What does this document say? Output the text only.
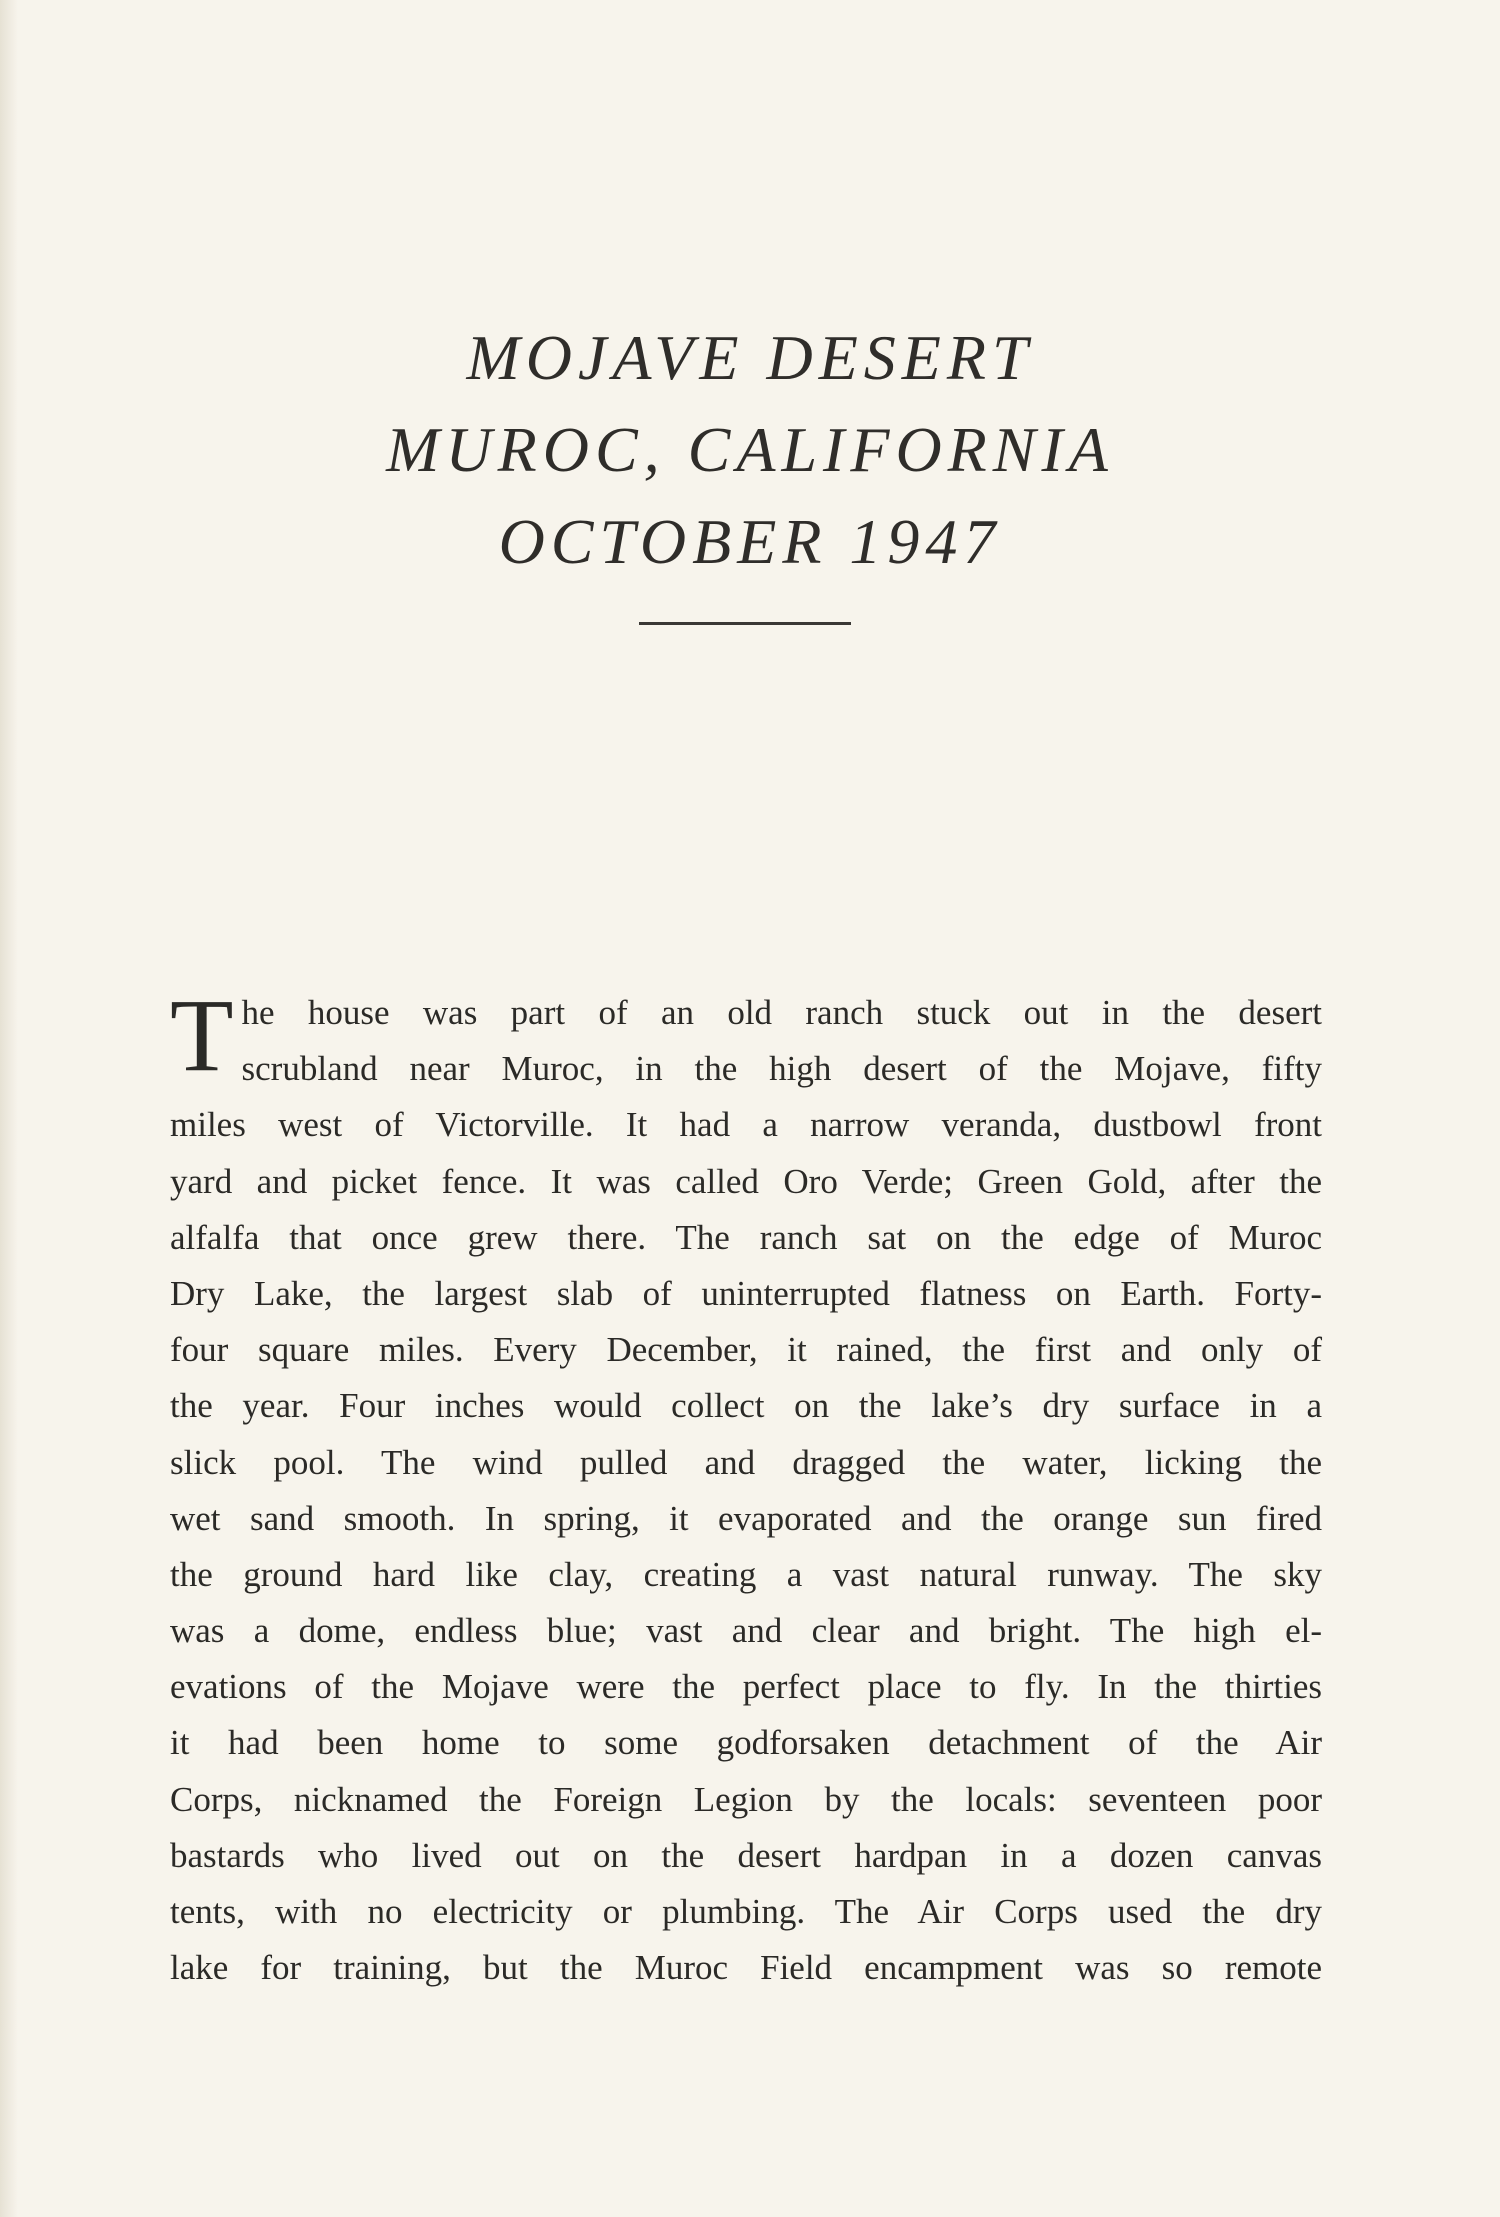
MOJAVE DESERT
MUROC, CALIFORNIA
OCTOBER 1947
T he house was part of an old ranch stuck out in the desert
scrubland near Muroc, in the high desert of the Mojave, fifty
miles west of Victorville. It had a narrow veranda, dustbowl front
yard and picket fence. It was called Oro Verde; Green Gold, after the
alfalfa that once grew there. The ranch sat on the edge of Muroc
Dry Lake, the largest slab of uninterrupted flatness on Earth. Forty-
four square miles. Every December, it rained, the first and only of
the year. Four inches would collect on the lake’s dry surface in a
slick pool. The wind pulled and dragged the water, licking the
wet sand smooth. In spring, it evaporated and the orange sun fired
the ground hard like clay, creating a vast natural runway. The sky
was a dome, endless blue; vast and clear and bright. The high el-
evations of the Mojave were the perfect place to fly. In the thirties
it had been home to some godforsaken detachment of the Air
Corps, nicknamed the Foreign Legion by the locals: seventeen poor
bastards who lived out on the desert hardpan in a dozen canvas
tents, with no electricity or plumbing. The Air Corps used the dry
lake for training, but the Muroc Field encampment was so remote
